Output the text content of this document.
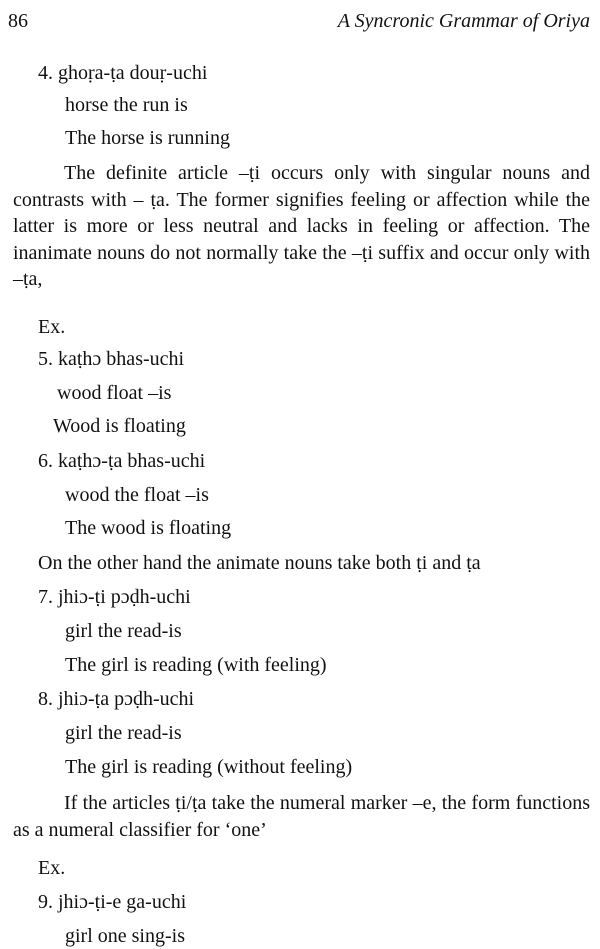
86	A Syncronic Grammar of Oriya
4. ghoṛa-ṭa douṛ-uchi
horse the run is
The horse is running
The definite article –ṭi occurs only with singular nouns and contrasts with – ṭa. The former signifies feeling or affection while the latter is more or less neutral and lacks in feeling or affection. The inanimate nouns do not normally take the –ṭi suffix and occur only with –ṭa,
Ex.
5. kaṭhɔ bhas-uchi
wood float –is
Wood is floating
6. kaṭhɔ-ṭa bhas-uchi
wood the float –is
The wood is floating
On the other hand the animate nouns take both ṭi and ṭa
7. jhiɔ-ṭi pɔḍh-uchi
girl the read-is
The girl is reading (with feeling)
8. jhiɔ-ṭa pɔḍh-uchi
girl the read-is
The girl is reading (without feeling)
If the articles ṭi/ṭa take the numeral marker –e, the form functions as a numeral classifier for ‘one’
Ex.
9. jhiɔ-ṭi-e ga-uchi
girl one sing-is
